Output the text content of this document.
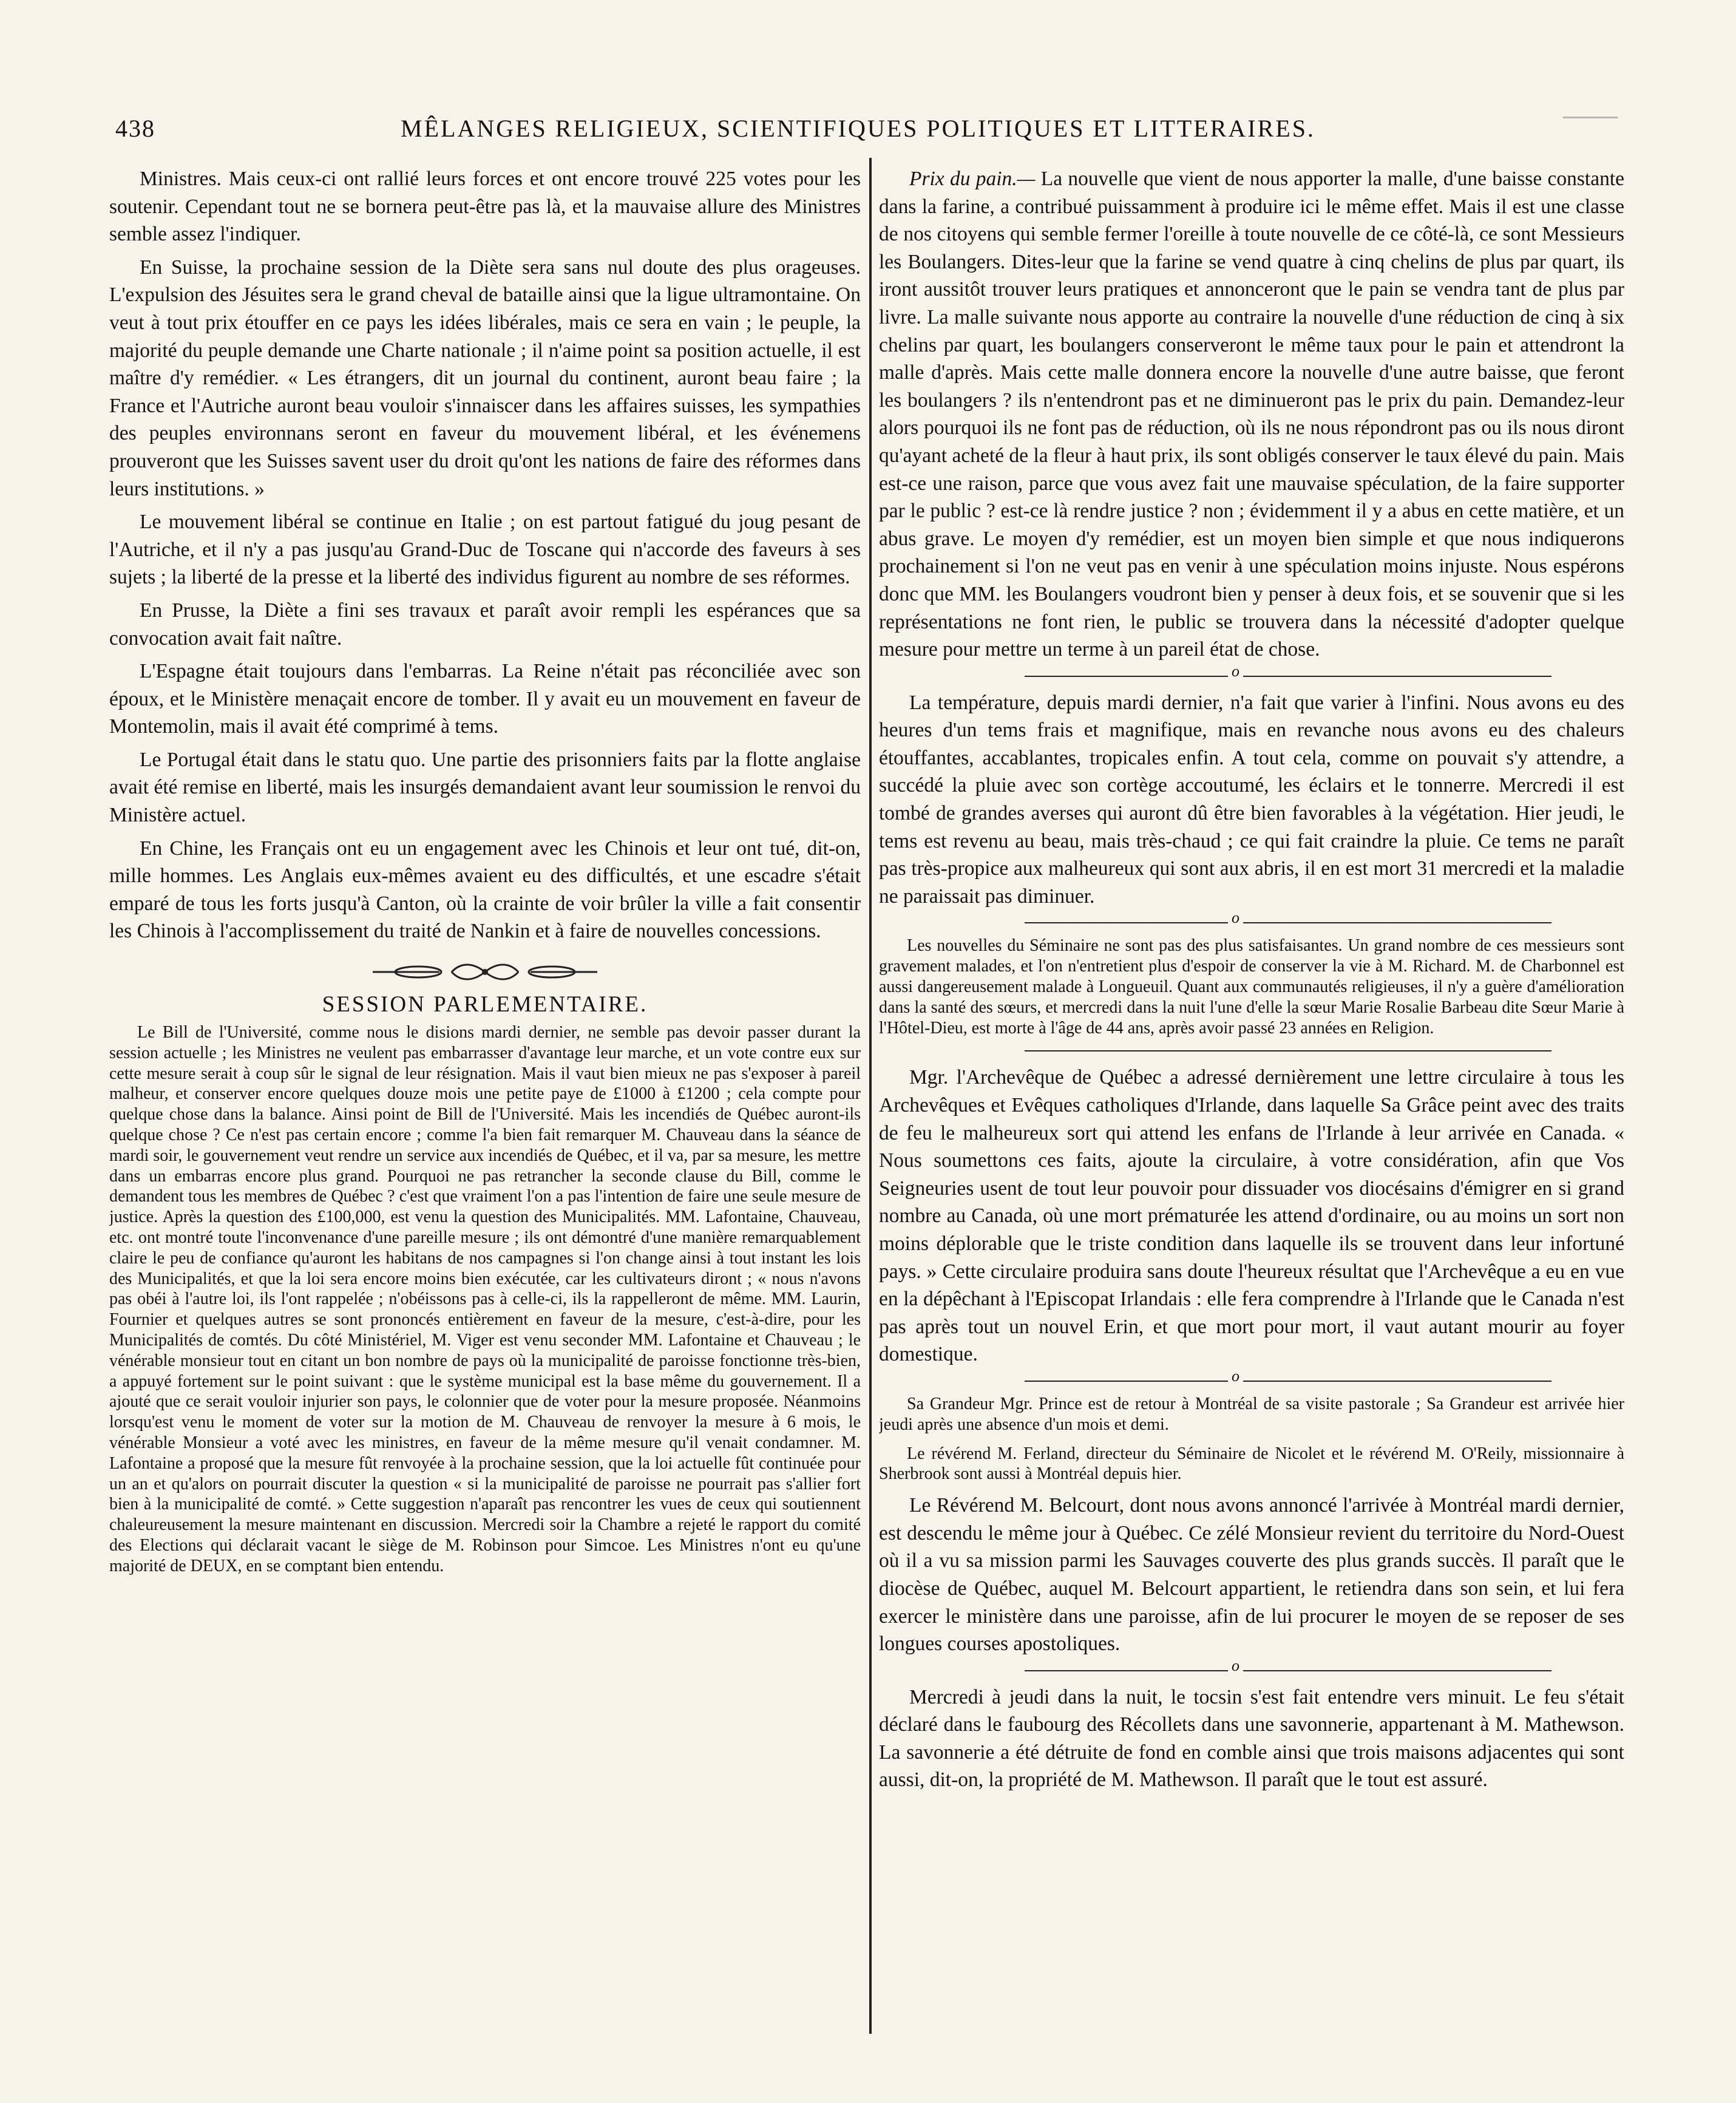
438	MÊLANGES RELIGIEUX, SCIENTIFIQUES POLITIQUES ET LITTERAIRES.

Ministres. Mais ceux-ci ont rallié leurs forces et ont encore trouvé 225 votes pour les soutenir. Cependant tout ne se bornera peut-être pas là, et la mauvaise allure des Ministres semble assez l'indiquer.

En Suisse, la prochaine session de la Diète sera sans nul doute des plus orageuses. L'expulsion des Jésuites sera le grand cheval de bataille ainsi que la ligue ultramontaine. On veut à tout prix étouffer en ce pays les idées libérales, mais ce sera en vain ; le peuple, la majorité du peuple demande une Charte nationale ; il n'aime point sa position actuelle, il est maître d'y remédier. « Les étrangers, dit un journal du continent, auront beau faire ; la France et l'Autriche auront beau vouloir s'innaiscer dans les affaires suisses, les sympathies des peuples environnans seront en faveur du mouvement libéral, et les événemens prouveront que les Suisses savent user du droit qu'ont les nations de faire des réformes dans leurs institutions. »

Le mouvement libéral se continue en Italie ; on est partout fatigué du joug pesant de l'Autriche, et il n'y a pas jusqu'au Grand-Duc de Toscane qui n'accorde des faveurs à ses sujets ; la liberté de la presse et la liberté des individus figurent au nombre de ses réformes.

En Prusse, la Diète a fini ses travaux et paraît avoir rempli les espérances que sa convocation avait fait naître.

L'Espagne était toujours dans l'embarras. La Reine n'était pas réconciliée avec son époux, et le Ministère menaçait encore de tomber. Il y avait eu un mouvement en faveur de Montemolin, mais il avait été comprimé à tems.

Le Portugal était dans le statu quo. Une partie des prisonniers faits par la flotte anglaise avait été remise en liberté, mais les insurgés demandaient avant leur soumission le renvoi du Ministère actuel.

En Chine, les Français ont eu un engagement avec les Chinois et leur ont tué, dit-on, mille hommes. Les Anglais eux-mêmes avaient eu des difficultés, et une escadre s'était emparé de tous les forts jusqu'à Canton, où la crainte de voir brûler la ville a fait consentir les Chinois à l'accomplissement du traité de Nankin et à faire de nouvelles concessions.

SESSION PARLEMENTAIRE.

Le Bill de l'Université, comme nous le disions mardi dernier, ne semble pas devoir passer durant la session actuelle ; les Ministres ne veulent pas embarrasser d'avantage leur marche, et un vote contre eux sur cette mesure serait à coup sûr le signal de leur résignation. Mais il vaut bien mieux ne pas s'exposer à pareil malheur, et conserver encore quelques douze mois une petite paye de £1000 à £1200 ; cela compte pour quelque chose dans la balance. Ainsi point de Bill de l'Université. Mais les incendiés de Québec auront-ils quelque chose ? Ce n'est pas certain encore ; comme l'a bien fait remarquer M. Chauveau dans la séance de mardi soir, le gouvernement veut rendre un service aux incendiés de Québec, et il va, par sa mesure, les mettre dans un embarras encore plus grand. Pourquoi ne pas retrancher la seconde clause du Bill, comme le demandent tous les membres de Québec ? c'est que vraiment l'on a pas l'intention de faire une seule mesure de justice. Après la question des £100,000, est venu la question des Municipalités. MM. Lafontaine, Chauveau, etc. ont montré toute l'inconvenance d'une pareille mesure ; ils ont démontré d'une manière remarquablement claire le peu de confiance qu'auront les habitans de nos campagnes si l'on change ainsi à tout instant les lois des Municipalités, et que la loi sera encore moins bien exécutée, car les cultivateurs diront ; « nous n'avons pas obéi à l'autre loi, ils l'ont rappelée ; n'obéissons pas à celle-ci, ils la rappelleront de même. MM. Laurin, Fournier et quelques autres se sont prononcés entièrement en faveur de la mesure, c'est-à-dire, pour les Municipalités de comtés. Du côté Ministériel, M. Viger est venu seconder MM. Lafontaine et Chauveau ; le vénérable monsieur tout en citant un bon nombre de pays où la municipalité de paroisse fonctionne très-bien, a appuyé fortement sur le point suivant : que le système municipal est la base même du gouvernement. Il a ajouté que ce serait vouloir injurier son pays, le colonnier que de voter pour la mesure proposée. Néanmoins lorsqu'est venu le moment de voter sur la motion de M. Chauveau de renvoyer la mesure à 6 mois, le vénérable Monsieur a voté avec les ministres, en faveur de la même mesure qu'il venait condamner. M. Lafontaine a proposé que la mesure fût renvoyée à la prochaine session, que la loi actuelle fût continuée pour un an et qu'alors on pourrait discuter la question « si la municipalité de paroisse ne pourrait pas s'allier fort bien à la municipalité de comté. » Cette suggestion n'aparaît pas rencontrer les vues de ceux qui soutiennent chaleureusement la mesure maintenant en discussion. Mercredi soir la Chambre a rejeté le rapport du comité des Elections qui déclarait vacant le siège de M. Robinson pour Simcoe. Les Ministres n'ont eu qu'une majorité de DEUX, en se comptant bien entendu.

Prix du pain.— La nouvelle que vient de nous apporter la malle, d'une baisse constante dans la farine, a contribué puissamment à produire ici le même effet. Mais il est une classe de nos citoyens qui semble fermer l'oreille à toute nouvelle de ce côté-là, ce sont Messieurs les Boulangers. Dites-leur que la farine se vend quatre à cinq chelins de plus par quart, ils iront aussitôt trouver leurs pratiques et annonceront que le pain se vendra tant de plus par livre. La malle suivante nous apporte au contraire la nouvelle d'une réduction de cinq à six chelins par quart, les boulangers conserveront le même taux pour le pain et attendront la malle d'après. Mais cette malle donnera encore la nouvelle d'une autre baisse, que feront les boulangers ? ils n'entendront pas et ne diminueront pas le prix du pain. Demandez-leur alors pourquoi ils ne font pas de réduction, où ils ne nous répondront pas ou ils nous diront qu'ayant acheté de la fleur à haut prix, ils sont obligés conserver le taux élevé du pain. Mais est-ce une raison, parce que vous avez fait une mauvaise spéculation, de la faire supporter par le public ? est-ce là rendre justice ? non ; évidemment il y a abus en cette matière, et un abus grave. Le moyen d'y remédier, est un moyen bien simple et que nous indiquerons prochainement si l'on ne veut pas en venir à une spéculation moins injuste. Nous espérons donc que MM. les Boulangers voudront bien y penser à deux fois, et se souvenir que si les représentations ne font rien, le public se trouvera dans la nécessité d'adopter quelque mesure pour mettre un terme à un pareil état de chose.

o

La température, depuis mardi dernier, n'a fait que varier à l'infini. Nous avons eu des heures d'un tems frais et magnifique, mais en revanche nous avons eu des chaleurs étouffantes, accablantes, tropicales enfin. A tout cela, comme on pouvait s'y attendre, a succédé la pluie avec son cortège accoutumé, les éclairs et le tonnerre. Mercredi il est tombé de grandes averses qui auront dû être bien favorables à la végétation. Hier jeudi, le tems est revenu au beau, mais très-chaud ; ce qui fait craindre la pluie. Ce tems ne paraît pas très-propice aux malheureux qui sont aux abris, il en est mort 31 mercredi et la maladie ne paraissait pas diminuer.

o

Les nouvelles du Séminaire ne sont pas des plus satisfaisantes. Un grand nombre de ces messieurs sont gravement malades, et l'on n'entretient plus d'espoir de conserver la vie à M. Richard. M. de Charbonnel est aussi dangereusement malade à Longueuil. Quant aux communautés religieuses, il n'y a guère d'amélioration dans la santé des sœurs, et mercredi dans la nuit l'une d'elle la sœur Marie Rosalie Barbeau dite Sœur Marie à l'Hôtel-Dieu, est morte à l'âge de 44 ans, après avoir passé 23 années en Religion.

Mgr. l'Archevêque de Québec a adressé dernièrement une lettre circulaire à tous les Archevêques et Evêques catholiques d'Irlande, dans laquelle Sa Grâce peint avec des traits de feu le malheureux sort qui attend les enfans de l'Irlande à leur arrivée en Canada. « Nous soumettons ces faits, ajoute la circulaire, à votre considération, afin que Vos Seigneuries usent de tout leur pouvoir pour dissuader vos diocésains d'émigrer en si grand nombre au Canada, où une mort prématurée les attend d'ordinaire, ou au moins un sort non moins déplorable que le triste condition dans laquelle ils se trouvent dans leur infortuné pays. » Cette circulaire produira sans doute l'heureux résultat que l'Archevêque a eu en vue en la dépêchant à l'Episcopat Irlandais : elle fera comprendre à l'Irlande que le Canada n'est pas après tout un nouvel Erin, et que mort pour mort, il vaut autant mourir au foyer domestique.

o

Sa Grandeur Mgr. Prince est de retour à Montréal de sa visite pastorale ; Sa Grandeur est arrivée hier jeudi après une absence d'un mois et demi.

Le révérend M. Ferland, directeur du Séminaire de Nicolet et le révérend M. O'Reily, missionnaire à Sherbrook sont aussi à Montréal depuis hier.

Le Révérend M. Belcourt, dont nous avons annoncé l'arrivée à Montréal mardi dernier, est descendu le même jour à Québec. Ce zélé Monsieur revient du territoire du Nord-Ouest où il a vu sa mission parmi les Sauvages couverte des plus grands succès. Il paraît que le diocèse de Québec, auquel M. Belcourt appartient, le retiendra dans son sein, et lui fera exercer le ministère dans une paroisse, afin de lui procurer le moyen de se reposer de ses longues courses apostoliques.

o

Mercredi à jeudi dans la nuit, le tocsin s'est fait entendre vers minuit. Le feu s'était déclaré dans le faubourg des Récollets dans une savonnerie, appartenant à M. Mathewson. La savonnerie a été détruite de fond en comble ainsi que trois maisons adjacentes qui sont aussi, dit-on, la propriété de M. Mathewson. Il paraît que le tout est assuré.
